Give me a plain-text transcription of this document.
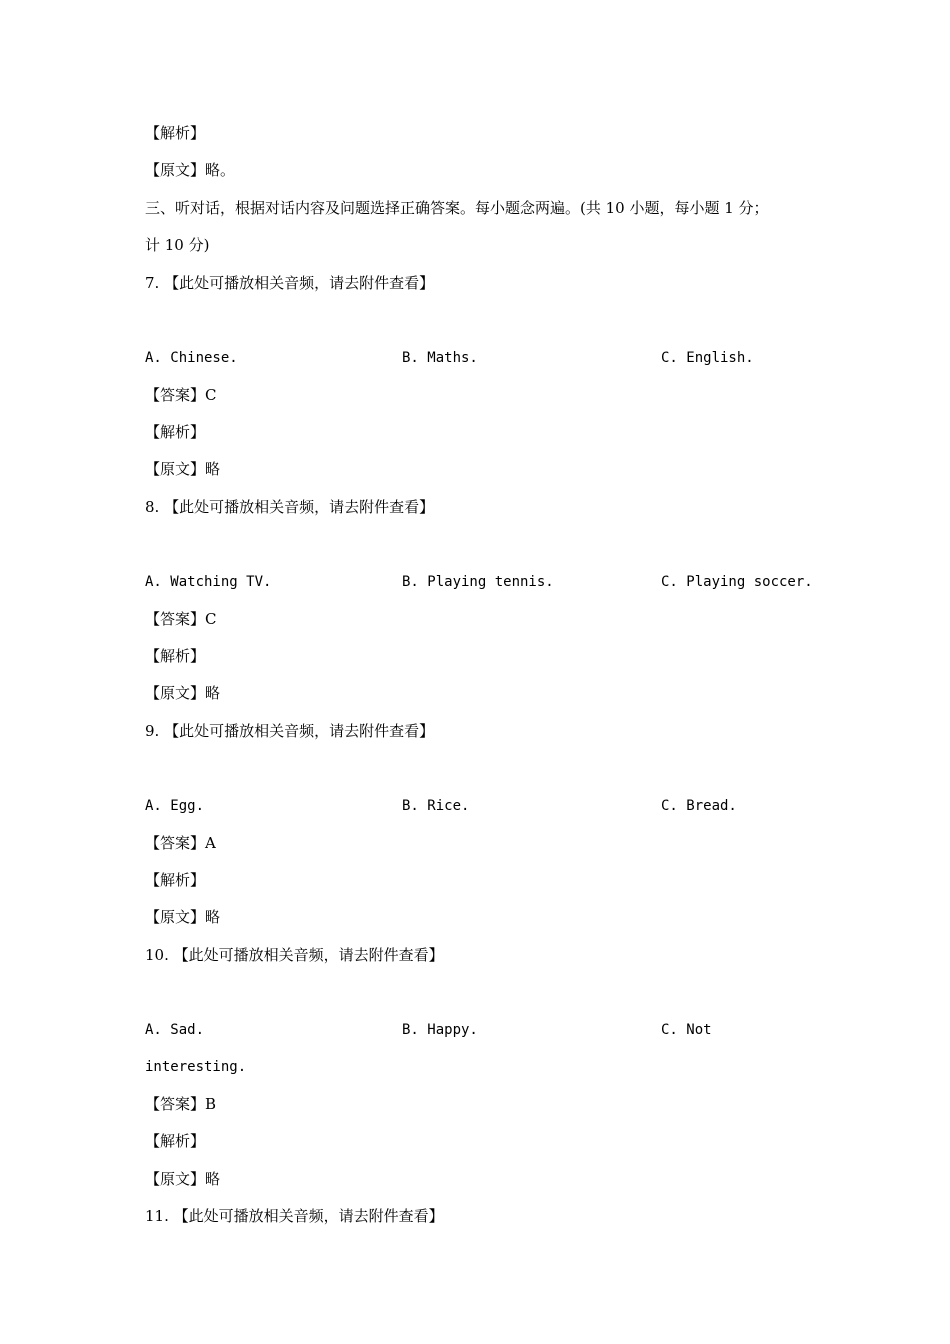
【解析】
【原文】略。
三、听对话，根据对话内容及问题选择正确答案。每小题念两遍。(共 10 小题，每小题 1 分；
计 10 分)
7. 【此处可播放相关音频，请去附件查看】
A. Chinese.	B. Maths.	C. English.
【答案】C
【解析】
【原文】略
8. 【此处可播放相关音频，请去附件查看】
A. Watching TV.	B. Playing tennis.	C. Playing soccer.
【答案】C
【解析】
【原文】略
9. 【此处可播放相关音频，请去附件查看】
A. Egg.	B. Rice.	C. Bread.
【答案】A
【解析】
【原文】略
10. 【此处可播放相关音频，请去附件查看】
A. Sad.	B. Happy.	C. Not
interesting.
【答案】B
【解析】
【原文】略
11. 【此处可播放相关音频，请去附件查看】
